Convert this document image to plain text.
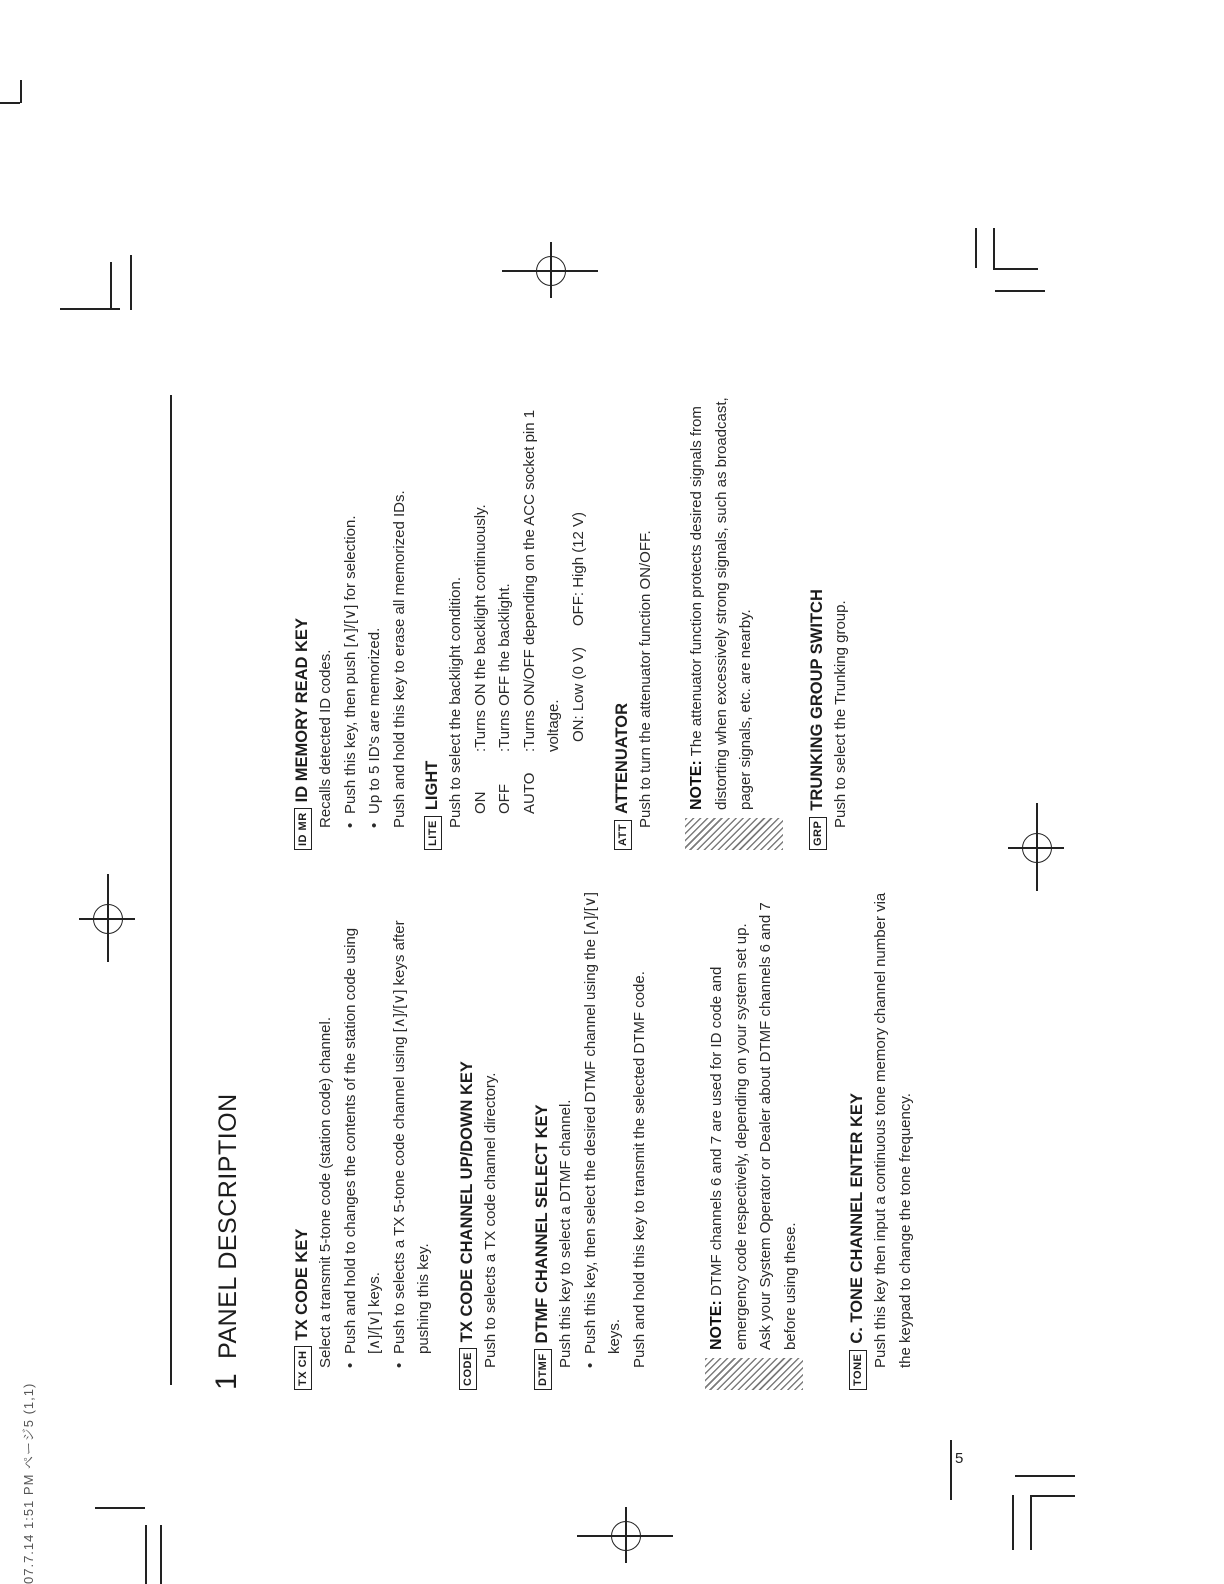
07.7.14 1:51 PM ページ5 (1,1)	5
1PANEL DESCRIPTION
TX CHTX CODE KEY Select a transmit 5-tone code (station code) channel. • Push and hold to changes the contents of the station code using [∧]/[∨] keys. • Push to selects a TX 5-tone code channel using [∧]/[∨] keys after pushing this key.
CODETX CODE CHANNEL UP/DOWN KEY Push to selects a TX code channel directory.
DTMFDTMF CHANNEL SELECT KEY Push this key to select a DTMF channel. • Push this key, then select the desired DTMF channel using the [∧]/[∨] keys. Push and hold this key to transmit the selected DTMF code.	NOTE: DTMF channels 6 and 7 are used for ID code and emergency code respectively, depending on your system set up. Ask your System Operator or Dealer about DTMF channels 6 and 7 before using these.
TONEC. TONE CHANNEL ENTER KEY Push this key then input a continuous tone memory channel number via the keypad to change the tone frequency.
ID MRID MEMORY READ KEY Recalls detected ID codes. • Push this key, then push [∧]/[∨] for selection. • Up to 5 ID's are memorized. Push and hold this key to erase all memorized IDs.
LITELIGHT Push to select the backlight condition. ON
:Turns ON the backlight continuously.
OFF
:Turns OFF the backlight.
AUTO
:Turns ON/OFF depending on the ACC socket pin 1 voltage. ON: Low (0 V)     OFF: High (12 V)
ATTATTENUATOR Push to turn the attenuator function ON/OFF. NOTE: The attenuator function protects desired signals from distorting when excessively strong signals, such as broadcast, pager signals, etc. are nearby.
GRPTRUNKING GROUP SWITCH Push to select the Trunking group.
